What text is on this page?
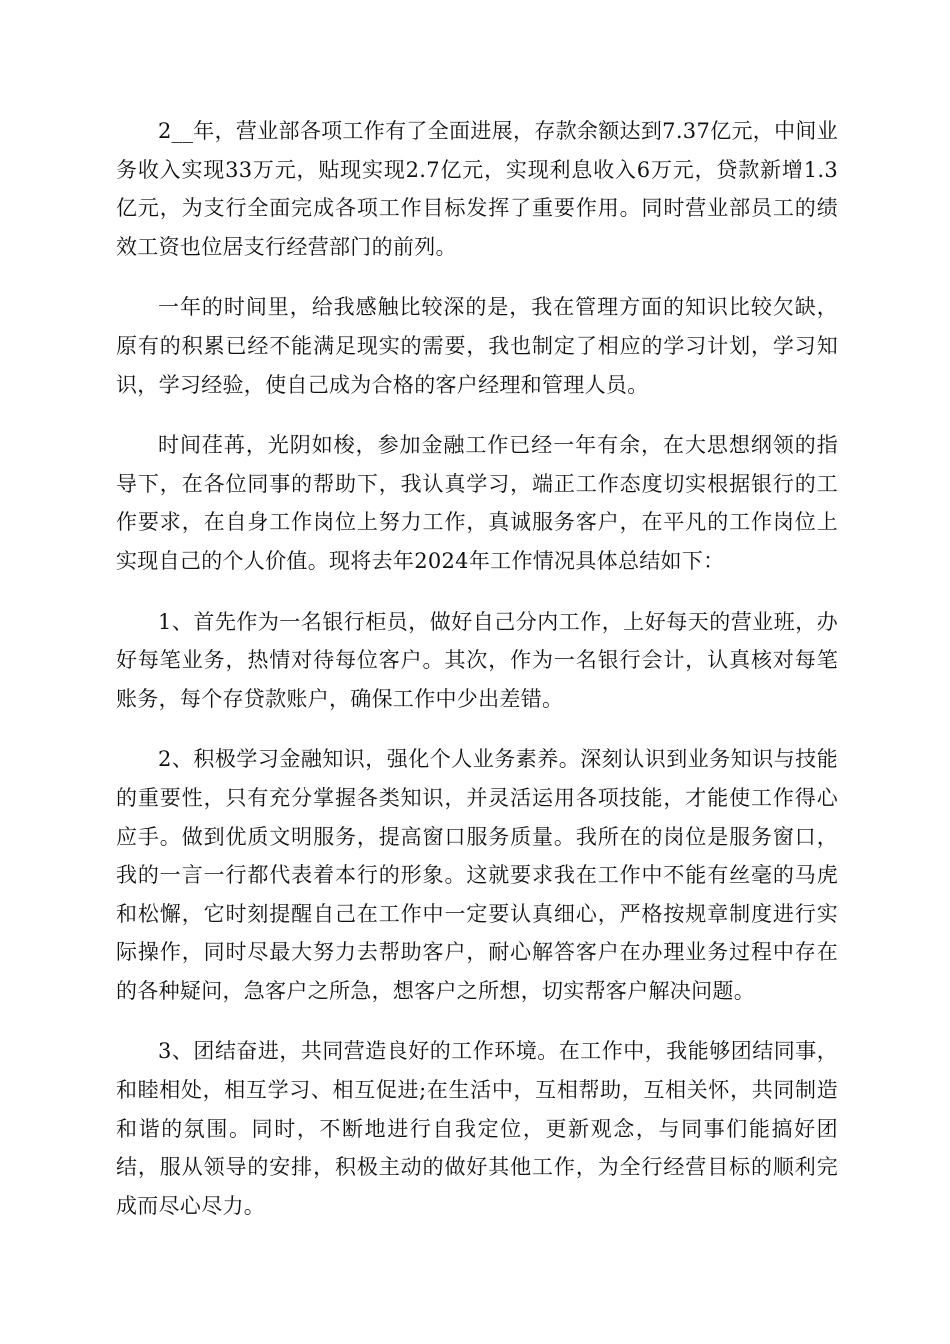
2__年，营业部各项工作有了全面进展，存款余额达到7.37亿元，中间业务收入实现33万元，贴现实现2.7亿元，实现利息收入6万元，贷款新增1.3亿元，为支行全面完成各项工作目标发挥了重要作用。同时营业部员工的绩效工资也位居支行经营部门的前列。

一年的时间里，给我感触比较深的是，我在管理方面的知识比较欠缺，原有的积累已经不能满足现实的需要，我也制定了相应的学习计划，学习知识，学习经验，使自己成为合格的客户经理和管理人员。

时间荏苒，光阴如梭，参加金融工作已经一年有余，在大思想纲领的指导下，在各位同事的帮助下，我认真学习，端正工作态度切实根据银行的工作要求，在自身工作岗位上努力工作，真诚服务客户，在平凡的工作岗位上实现自己的个人价值。现将去年2024年工作情况具体总结如下：

1、首先作为一名银行柜员，做好自己分内工作，上好每天的营业班，办好每笔业务，热情对待每位客户。其次，作为一名银行会计，认真核对每笔账务，每个存贷款账户，确保工作中少出差错。

2、积极学习金融知识，强化个人业务素养。深刻认识到业务知识与技能的重要性，只有充分掌握各类知识，并灵活运用各项技能，才能使工作得心应手。做到优质文明服务，提高窗口服务质量。我所在的岗位是服务窗口，我的一言一行都代表着本行的形象。这就要求我在工作中不能有丝毫的马虎和松懈，它时刻提醒自己在工作中一定要认真细心，严格按规章制度进行实际操作，同时尽最大努力去帮助客户，耐心解答客户在办理业务过程中存在的各种疑问，急客户之所急，想客户之所想，切实帮客户解决问题。

3、团结奋进，共同营造良好的工作环境。在工作中，我能够团结同事，和睦相处，相互学习、相互促进;在生活中，互相帮助，互相关怀，共同制造和谐的氛围。同时，不断地进行自我定位，更新观念，与同事们能搞好团结，服从领导的安排，积极主动的做好其他工作，为全行经营目标的顺利完成而尽心尽力。
